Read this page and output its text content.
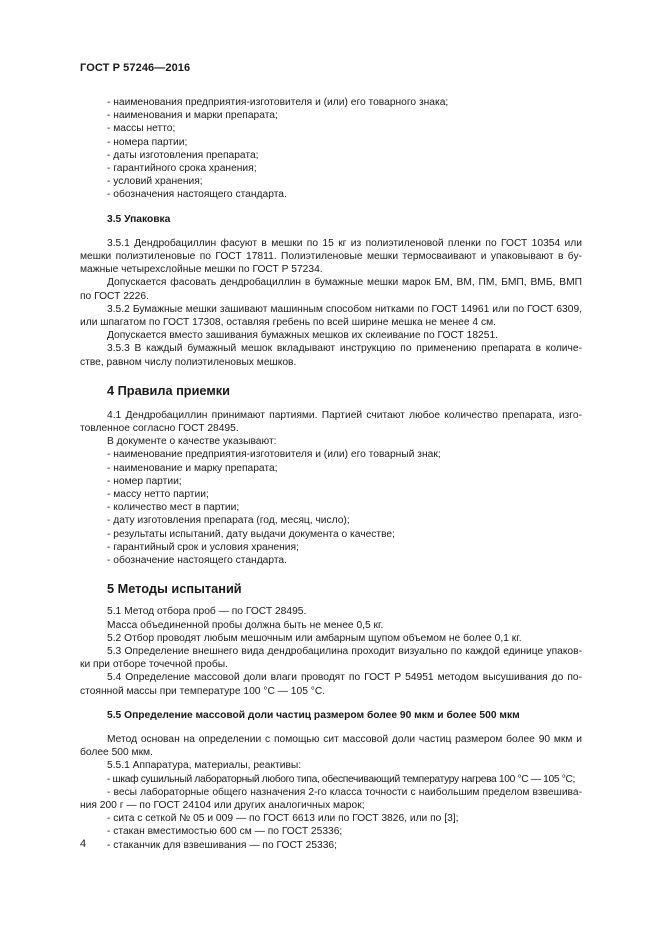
ГОСТ Р 57246—2016

- наименования предприятия-изготовителя и (или) его товарного знака;

- наименования и марки препарата;

- массы нетто;

- номера партии;

- даты изготовления препарата;

- гарантийного срока хранения;

- условий хранения;

- обозначения настоящего стандарта.

3.5 Упаковка

3.5.1 Дендробациллин фасуют в мешки по 15 кг из полиэтиленовой пленки по ГОСТ 10354 или

мешки полиэтиленовые по ГОСТ 17811. Полиэтиленовые мешки термосваивают и упаковывают в бу-

мажные четырехслойные мешки по ГОСТ Р 57234.

Допускается фасовать дендробациллин в бумажные мешки марок БМ, ВМ, ПМ, БМП, ВМБ, ВМП

по ГОСТ 2226.

3.5.2 Бумажные мешки зашивают машинным способом нитками по ГОСТ 14961 или по ГОСТ 6309,

или шпагатом по ГОСТ 17308, оставляя гребень по всей ширине мешка не менее 4 см.

Допускается вместо зашивания бумажных мешков их склеивание по ГОСТ 18251.

3.5.3 В каждый бумажный мешок вкладывают инструкцию по применению препарата в количе-

стве, равном числу полиэтиленовых мешков.

4 Правила приемки

4.1 Дендробациллин принимают партиями. Партией считают любое количество препарата, изго-

товленное согласно ГОСТ 28495.

В документе о качестве указывают:

- наименование предприятия-изготовителя и (или) его товарный знак;

- наименование и марку препарата;

- номер партии;

- массу нетто партии;

- количество мест в партии;

- дату изготовления препарата (год, месяц, число);

- результаты испытаний, дату выдачи документа о качестве;

- гарантийный срок и условия хранения;

- обозначение настоящего стандарта.

5 Методы испытаний

5.1 Метод отбора проб — по ГОСТ 28495.

Масса объединенной пробы должна быть не менее 0,5 кг.

5.2 Отбор проводят любым мешочным или амбарным щупом объемом не более 0,1 кг.

5.3 Определение внешнего вида дендробацилина проходит визуально по каждой единице упаков-

ки при отборе точечной пробы.

5.4 Определение массовой доли влаги проводят по ГОСТ Р 54951 методом высушивания до по-

стоянной массы при температуре 100 °С — 105 °С.

5.5 Определение массовой доли частиц размером более 90 мкм и более 500 мкм

Метод основан на определении с помощью сит массовой доли частиц размером более 90 мкм и

более 500 мкм.

5.5.1 Аппаратура, материалы, реактивы:

- шкаф сушильный лабораторный любого типа, обеспечивающий температуру нагрева 100 °С — 105 °С;

- весы лабораторные общего назначения 2-го класса точности с наибольшим пределом взвешива-

ния 200 г — по ГОСТ 24104 или других аналогичных марок;

- сита с сеткой № 05 и 009 — по ГОСТ 6613 или по ГОСТ 3826, или по [3];

- стакан вместимостью 600 см — по ГОСТ 25336;

- стаканчик для взвешивания — по ГОСТ 25336;

4
